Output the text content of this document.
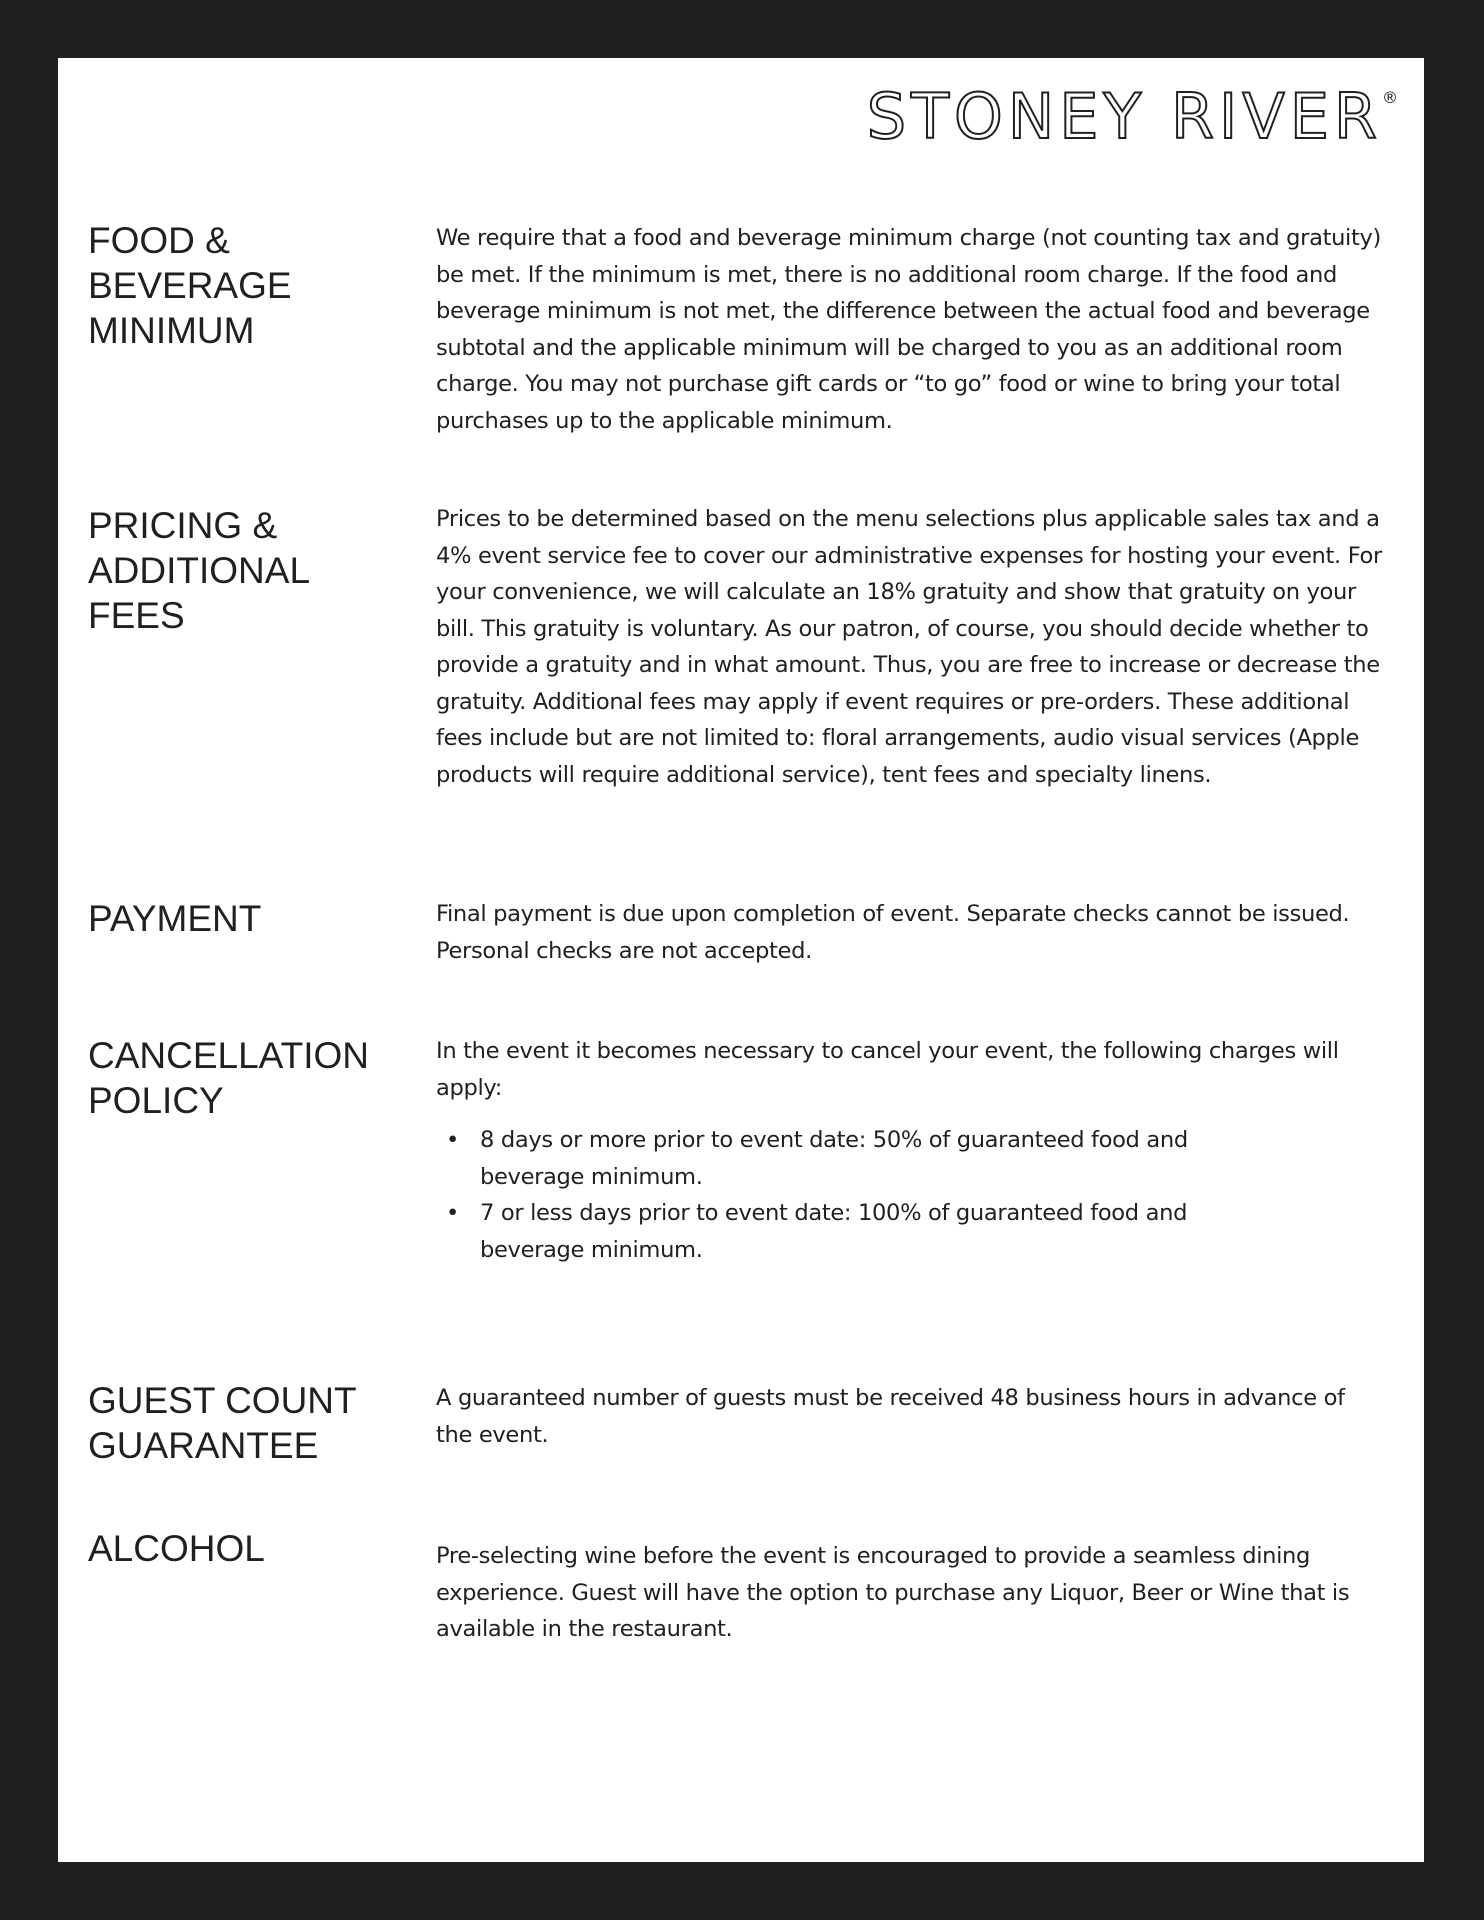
STONEY RIVER®
FOOD &
BEVERAGE
MINIMUM

We require that a food and beverage minimum charge (not counting tax and gratuity) be met. If the minimum is met, there is no additional room charge. If the food and beverage minimum is not met, the difference between the actual food and beverage subtotal and the applicable minimum will be charged to you as an additional room charge. You may not purchase gift cards or “to go” food or wine to bring your total purchases up to the applicable minimum.

PRICING &
ADDITIONAL
FEES

Prices to be determined based on the menu selections plus applicable sales tax and a 4% event service fee to cover our administrative expenses for hosting your event. For your convenience, we will calculate an 18% gratuity and show that gratuity on your bill. This gratuity is voluntary. As our patron, of course, you should decide whether to provide a gratuity and in what amount. Thus, you are free to increase or decrease the gratuity. Additional fees may apply if event requires or pre-orders. These additional fees include but are not limited to: floral arrangements, audio visual services (Apple products will require additional service), tent fees and specialty linens.

PAYMENT	Final payment is due upon completion of event. Separate checks cannot be issued. Personal checks are not accepted.

CANCELLATION
POLICY

In the event it becomes necessary to cancel your event, the following charges will apply:

• 8 days or more prior to event date: 50% of guaranteed food and beverage minimum.
• 7 or less days prior to event date: 100% of guaranteed food and beverage minimum.
GUEST COUNT
GUARANTEE

A guaranteed number of guests must be received 48 business hours in advance of the event.

ALCOHOL	Pre-selecting wine before the event is encouraged to provide a seamless dining experience. Guest will have the option to purchase any Liquor, Beer or Wine that is available in the restaurant.
